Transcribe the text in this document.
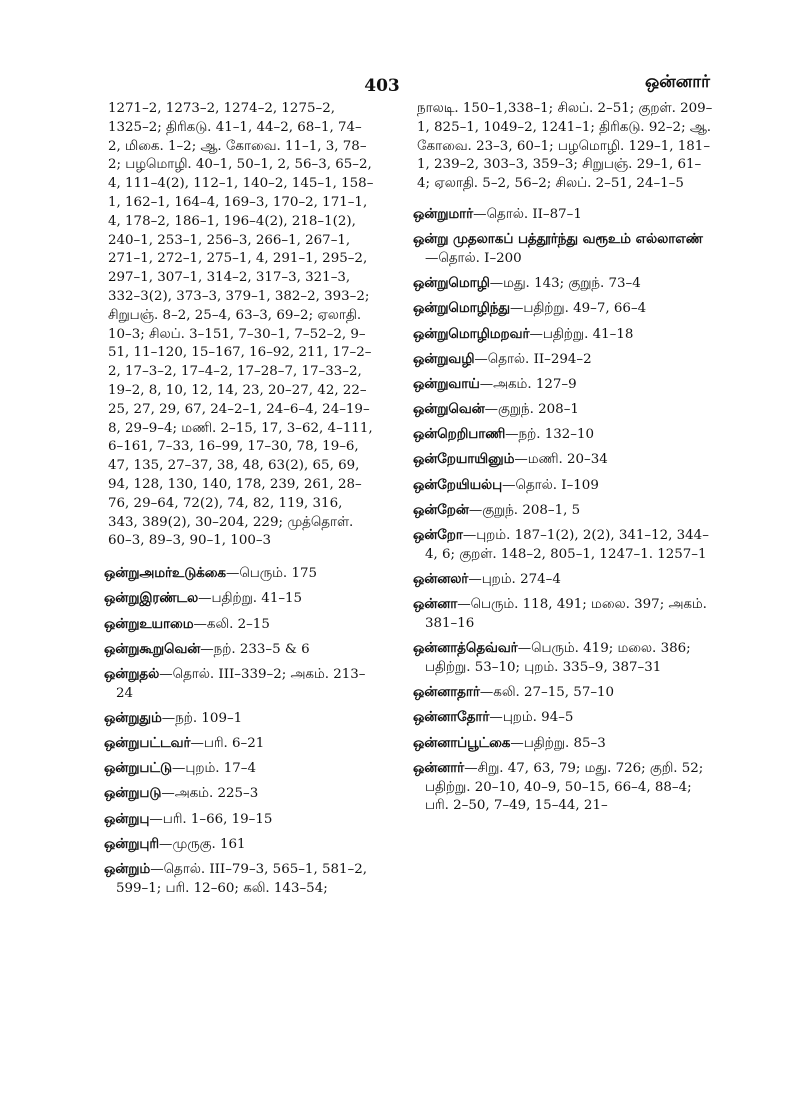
403	ஒன்னார்

1271–2, 1273–2, 1274–2, 1275–2, 1325–2; திரிகடு. 41–1, 44–2, 68–1, 74–2, மிகை. 1–2; ஆ. கோவை. 11–1, 3, 78–2; பழமொழி. 40–1, 50–1, 2, 56–3, 65–2, 4, 111–4(2), 112–1, 140–2, 145–1, 158–1, 162–1, 164–4, 169–3, 170–2, 171–1, 4, 178–2, 186–1, 196–4(2), 218–1(2), 240–1, 253–1, 256–3, 266–1, 267–1, 271–1, 272–1, 275–1, 4, 291–1, 295–2, 297–1, 307–1, 314–2, 317–3, 321–3, 332–3(2), 373–3, 379–1, 382–2, 393–2; சிறுபஞ். 8–2, 25–4, 63–3, 69–2; ஏலாதி. 10–3; சிலப். 3–151, 7–30–1, 7–52–2, 9–51, 11–120, 15–167, 16–92, 211, 17–2–2, 17–3–2, 17–4–2, 17–28–7, 17–33–2, 19–2, 8, 10, 12, 14, 23, 20–27, 42, 22–25, 27, 29, 67, 24–2–1, 24–6–4, 24–19–8, 29–9–4; மணி. 2–15, 17, 3–62, 4–111, 6–161, 7–33, 16–99, 17–30, 78, 19–6, 47, 135, 27–37, 38, 48, 63(2), 65, 69, 94, 128, 130, 140, 178, 239, 261, 28–76, 29–64, 72(2), 74, 82, 119, 316, 343, 389(2), 30–204, 229; முத்தொள். 60–3, 89–3, 90–1, 100–3

ஒன்றுஅமர்உடுக்கை—பெரும். 175

ஒன்றுஇரண்டல—பதிற்று. 41–15

ஒன்றுஉயாமை—கலி. 2–15

ஒன்றுகூறுவென்—நற். 233–5 & 6

ஒன்றுதல்—தொல். III–339–2; அகம். 213–24

ஒன்றுதும்—நற். 109–1

ஒன்றுபட்டவர்—பரி. 6–21

ஒன்றுபட்டு—புறம். 17–4

ஒன்றுபடு—அகம். 225–3

ஒன்றுபு—பரி. 1–66, 19–15

ஒன்றுபுரி—முருகு. 161

ஒன்றும்—தொல். III–79–3, 565–1, 581–2, 599–1; பரி. 12–60; கலி. 143–54;

நாலடி. 150–1,338–1; சிலப். 2–51; குறள். 209–1, 825–1, 1049–2, 1241–1; திரிகடு. 92–2; ஆ. கோவை. 23–3, 60–1; பழமொழி. 129–1, 181–1, 239–2, 303–3, 359–3; சிறுபஞ். 29–1, 61–4; ஏலாதி. 5–2, 56–2; சிலப். 2–51, 24–1–5

ஒன்றுமார்—தொல். II–87–1

ஒன்று முதலாகப் பத்தூர்ந்து வரூஉம் எல்லாஎண்—தொல். I–200

ஒன்றுமொழி—மது. 143; குறுந். 73–4

ஒன்றுமொழிந்து—பதிற்று. 49–7, 66–4

ஒன்றுமொழிமறவர்—பதிற்று. 41–18

ஒன்றுவழி—தொல். II–294–2

ஒன்றுவாய்—அகம். 127–9

ஒன்றுவென்—குறுந். 208–1

ஒன்றெறிபாணி—நற். 132–10

ஒன்றேயாயினும்—மணி. 20–34

ஒன்றேயியல்பு—தொல். I–109

ஒன்றேன்—குறுந். 208–1, 5

ஒன்றோ—புறம். 187–1(2), 2(2), 341–12, 344–4, 6; குறள். 148–2, 805–1, 1247–1. 1257–1

ஒன்னலர்—புறம். 274–4

ஒன்னா—பெரும். 118, 491; மலை. 397; அகம். 381–16

ஒன்னாத்தெவ்வர்—பெரும். 419; மலை. 386; பதிற்று. 53–10; புறம். 335–9, 387–31

ஒன்னாதார்—கலி. 27–15, 57–10

ஒன்னாதோர்—புறம். 94–5

ஒன்னாப்பூட்கை—பதிற்று. 85–3

ஒன்னார்—சிறு. 47, 63, 79; மது. 726; குறி. 52; பதிற்று. 20–10, 40–9, 50–15, 66–4, 88–4; பரி. 2–50, 7–49, 15–44, 21–
